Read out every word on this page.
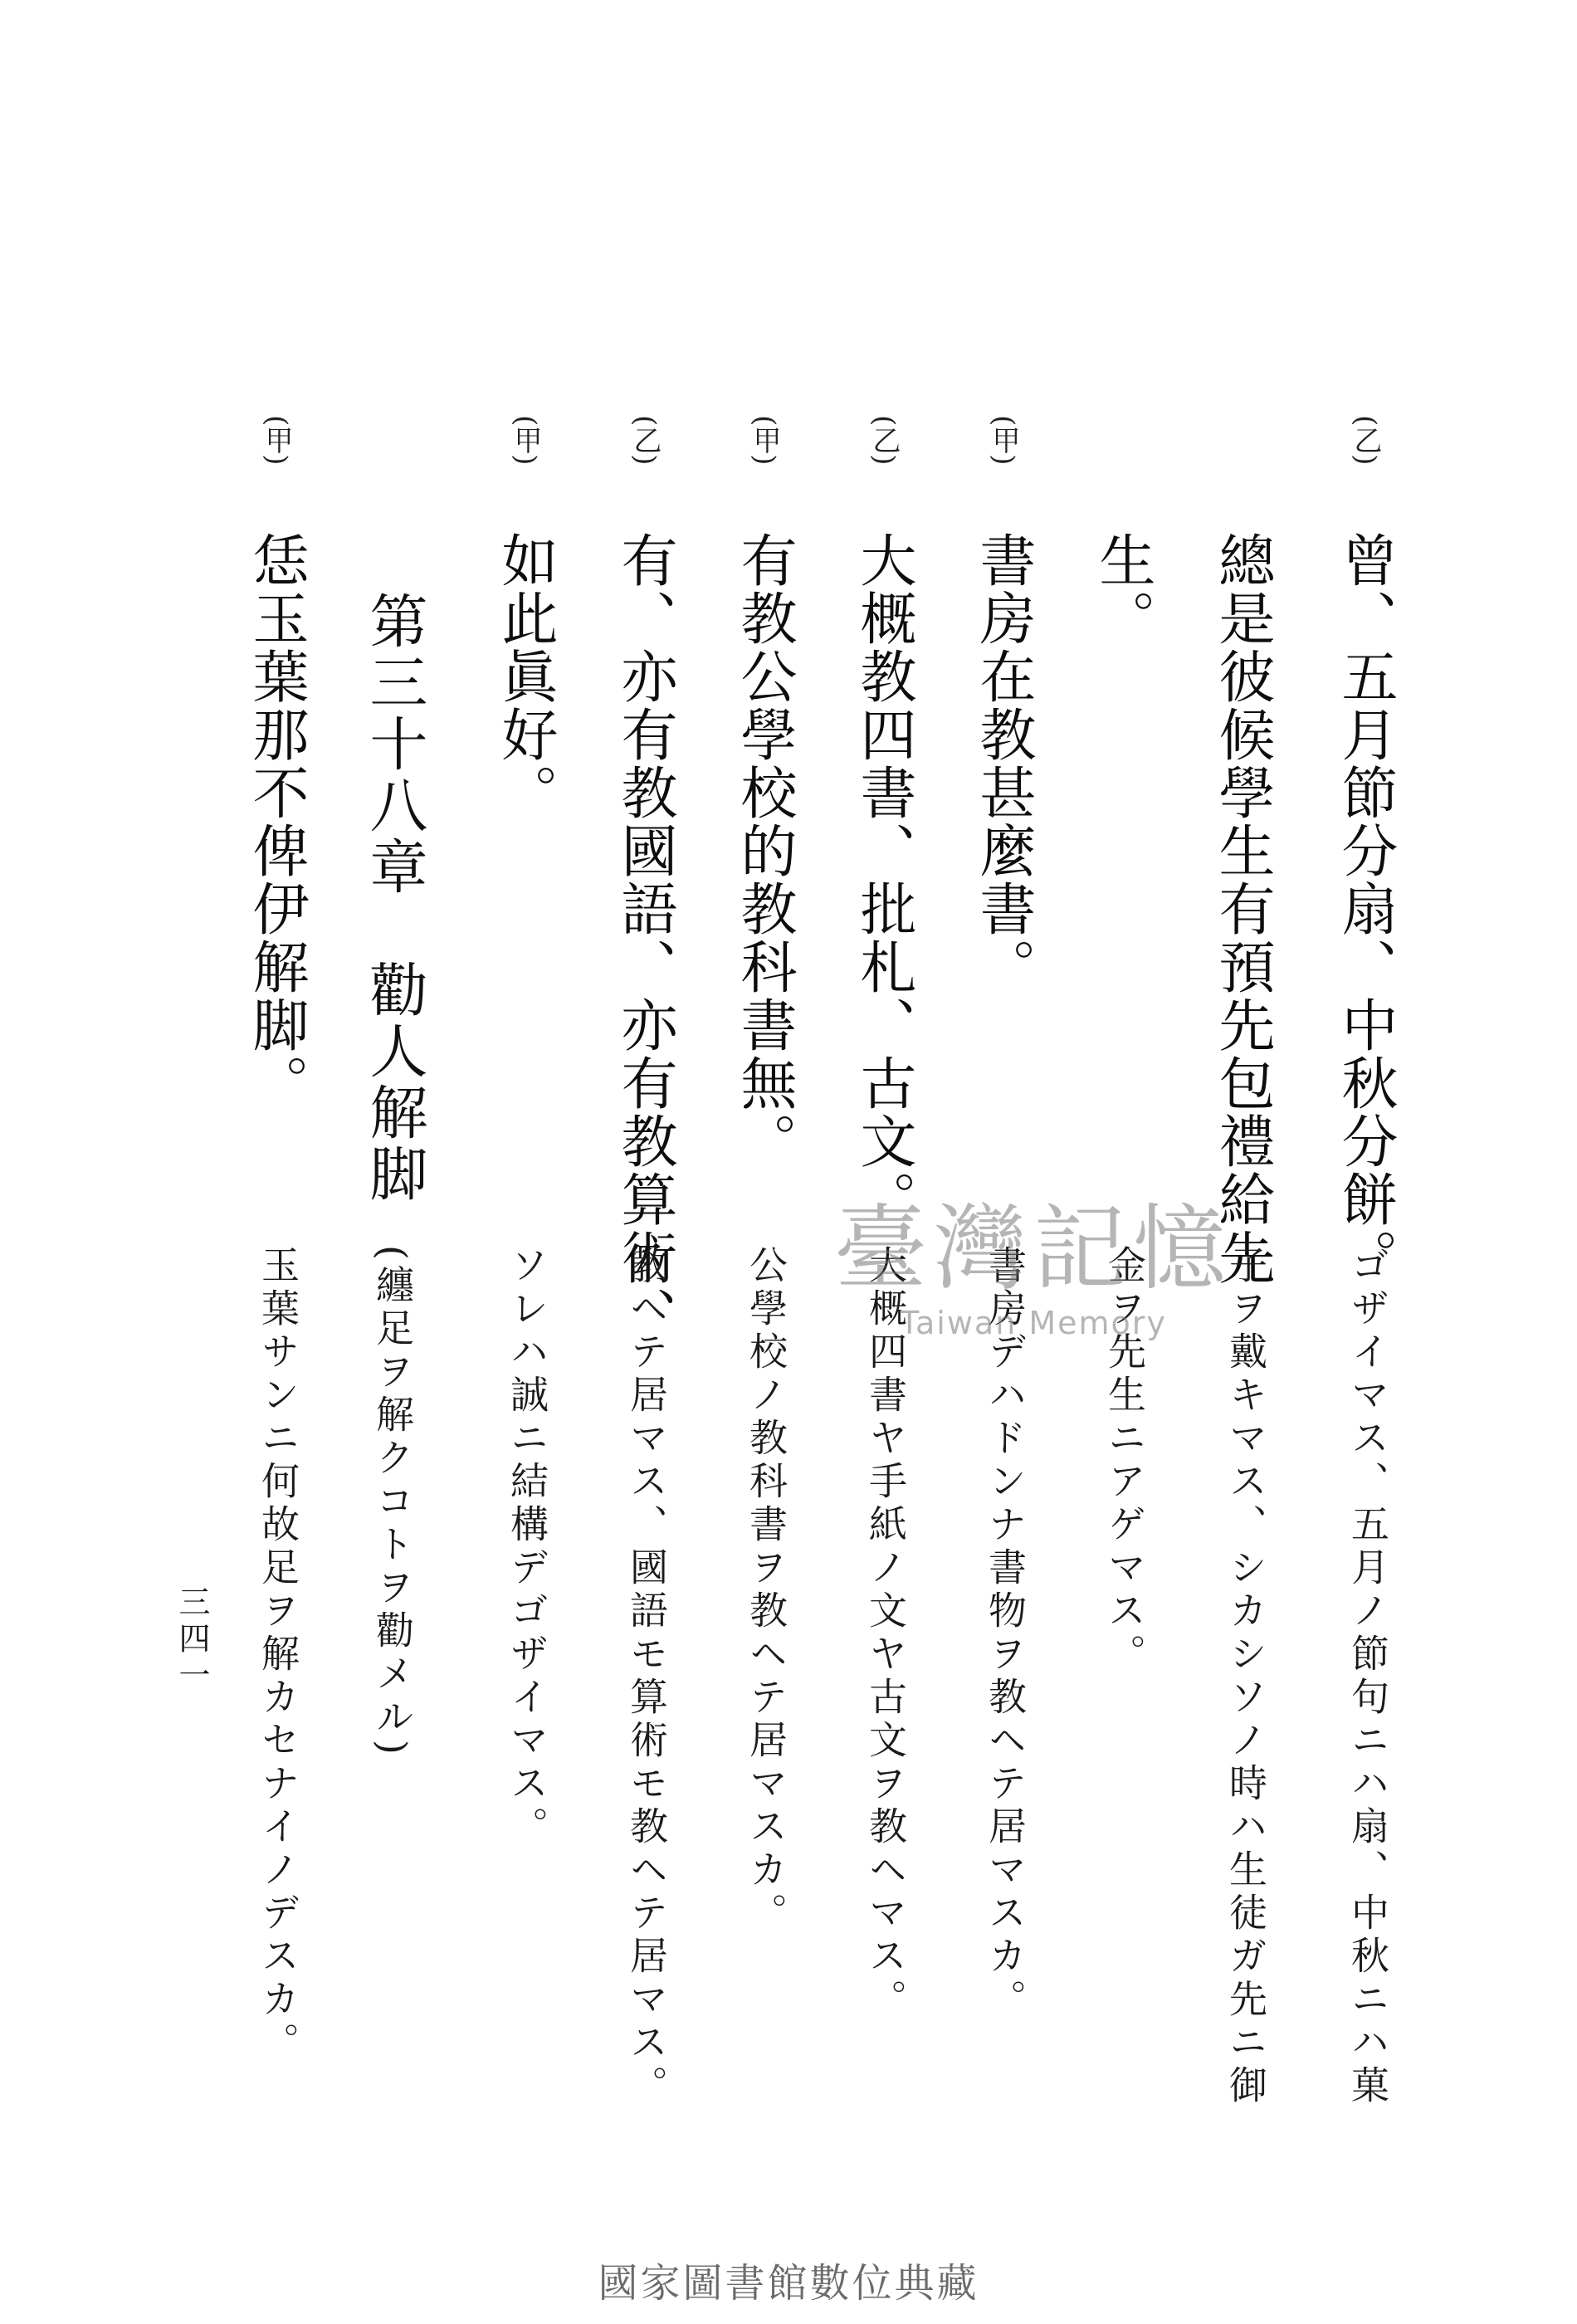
(乙)
曾、五月節分扇、中秋分餅。
ゴザイマス、五月ノ節句ニハ扇、中秋ニハ菓
總是彼候學生有預先包禮給先
子ヲ戴キマス、シカシソノ時ハ生徒ガ先ニ御
生。
金ヲ先生ニアゲマス。
(甲)
書房在教甚麼書。
書房デハドンナ書物ヲ教ヘテ居マスカ。
(乙)
大概教四書、批札、古文。
大概四書ヤ手紙ノ文ヤ古文ヲ教ヘマス。
(甲)
有教公學校的教科書無。
公學校ノ教科書ヲ教ヘテ居マスカ。
(乙)
有、亦有教國語、亦有教算術、
教ヘテ居マス、國語モ算術モ教ヘテ居マス。
(甲)
如此眞好。
ソレハ誠ニ結構デゴザイマス。
第三十八章　勸人解脚
(纏足ヲ解クコトヲ勸メル)
(甲)
恁玉葉那不俾伊解脚。
玉葉サンニ何故足ヲ解カセナイノデスカ。
三四一
臺灣記憶
Taiwan Memory
國家圖書館數位典藏
